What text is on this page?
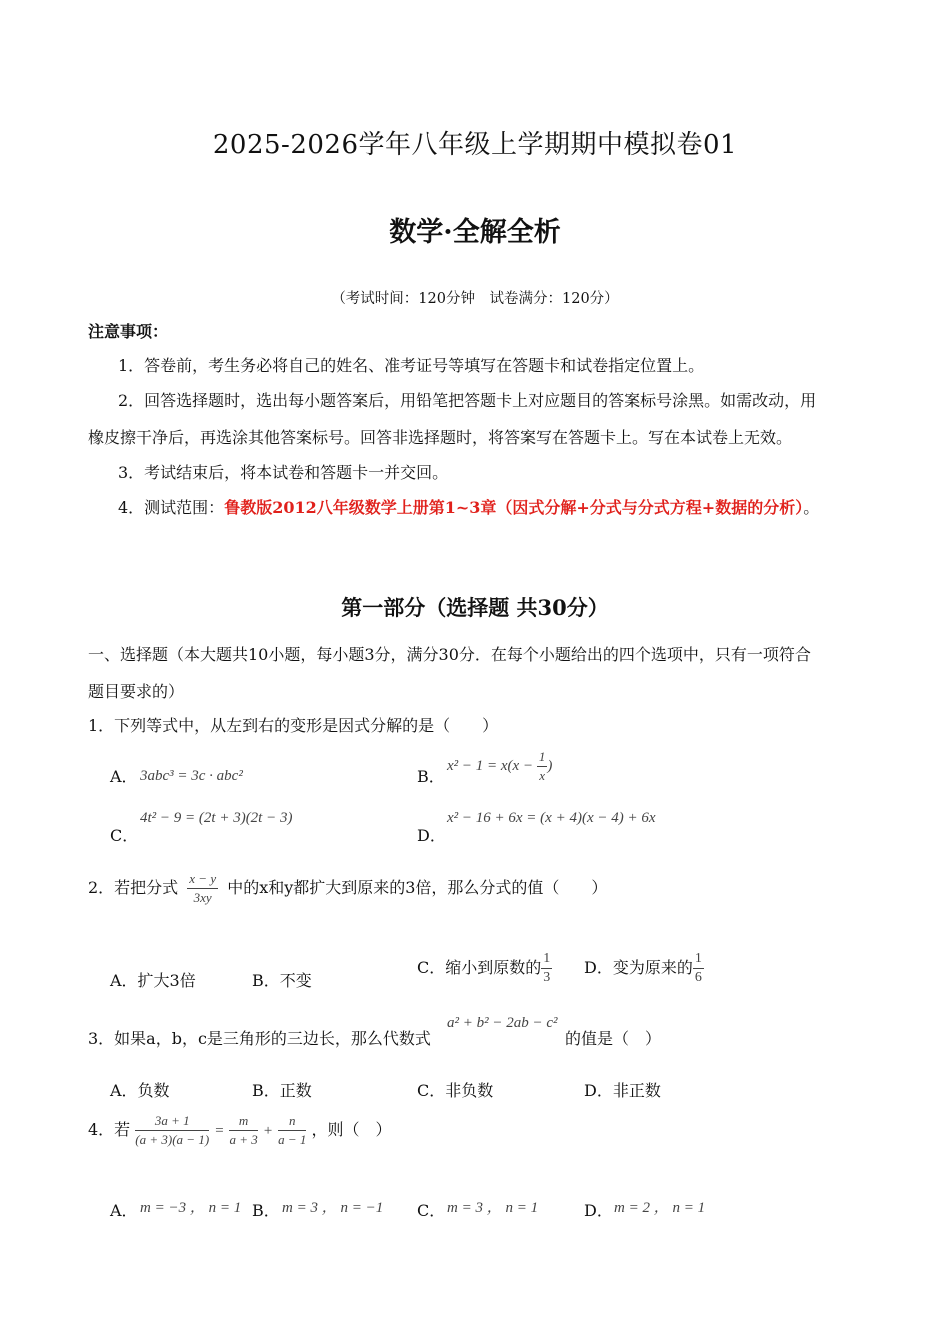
2025-2026学年八年级上学期期中模拟卷01
数学·全解全析
（考试时间：120分钟　试卷满分：120分）
注意事项：
1．答卷前，考生务必将自己的姓名、准考证号等填写在答题卡和试卷指定位置上。
2．回答选择题时，选出每小题答案后，用铅笔把答题卡上对应题目的答案标号涂黑。如需改动，用
橡皮擦干净后，再选涂其他答案标号。回答非选择题时，将答案写在答题卡上。写在本试卷上无效。
3．考试结束后，将本试卷和答题卡一并交回。
4．测试范围：鲁教版2012八年级数学上册第1~3章（因式分解+分式与分式方程+数据的分析）。
第一部分（选择题 共30分）
一、选择题（本大题共10小题，每小题3分，满分30分．在每个小题给出的四个选项中，只有一项符合
题目要求的）
1．下列等式中，从左到右的变形是因式分解的是（　　）
A． 3abc³ = 3c · abc²	B．
$x^2 - 1 = x(x - \frac{1}{x}$ )
C．
4t² − 9 = (2t + 3)(2t − 3)
D．
x² − 16 + 6x = (x + 4)(x − 4) + 6x
2．若把分式 $\frac{x - y}{3xy}$ 中的x和y都扩大到原来的3倍，那么分式的值（　　）
A．扩大3倍	B．不变
C．缩小到原数的 $\frac{1}{3}$ D．变为原来的 $\frac{1}{6}$
3．如果a，b，c是三角形的三边长，那么代数式
a² + b² − 2ab − c²
的值是（　）
A．负数	B．正数	C．非负数	D．非正数
4．若 $\frac{3a + 1}{(a + 3)(a - 1)} = \frac{m}{a + 3} + \frac{n}{a - 1}$ ，则（　）
A． m = −3 ， n = 1 B． m = 3 ， n = −1 C． m = 3 ， n = 1	D． m = 2 ， n = 1
